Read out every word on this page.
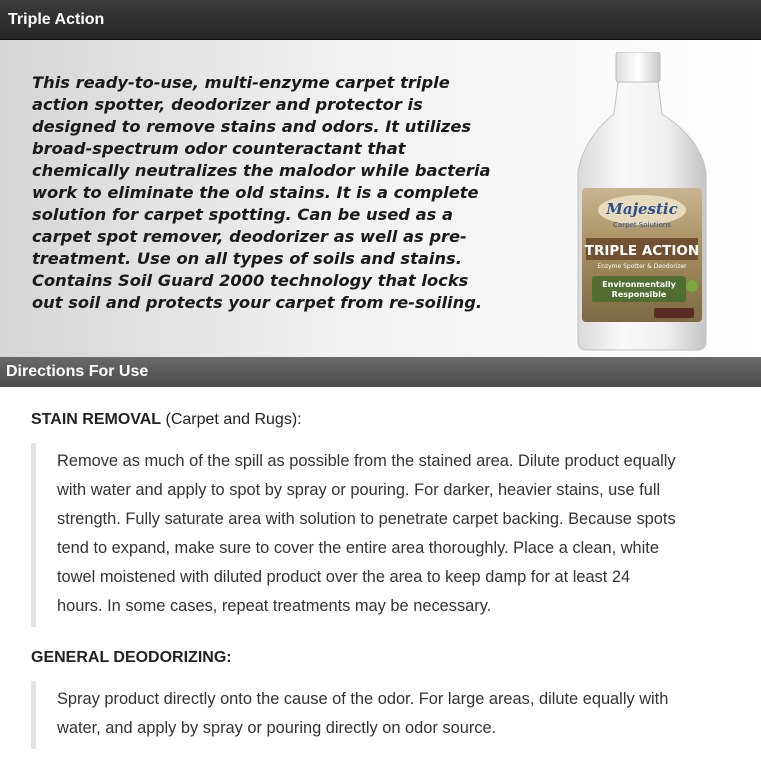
Triple Action

This ready-to-use, multi-enzyme carpet triple
action spotter, deodorizer and protector is
designed to remove stains and odors. It utilizes
broad-spectrum odor counteractant that
chemically neutralizes the malodor while bacteria
work to eliminate the old stains. It is a complete
solution for carpet spotting. Can be used as a
carpet spot remover, deodorizer as well as pre-
treatment. Use on all types of soils and stains.
Contains Soil Guard 2000 technology that locks
out soil and protects your carpet from re-soiling.

Majestic
Carpet Solutions
TRIPLE ACTION
Enzyme Spotter & Deodorizer
Environmentally
Responsible
Directions For Use
STAIN REMOVAL (Carpet and Rugs):
Remove as much of the spill as possible from the stained area. Dilute product equally
with water and apply to spot by spray or pouring. For darker, heavier stains, use full
strength. Fully saturate area with solution to penetrate carpet backing. Because spots
tend to expand, make sure to cover the entire area thoroughly. Place a clean, white
towel moistened with diluted product over the area to keep damp for at least 24
hours. In some cases, repeat treatments may be necessary.
GENERAL DEODORIZING:
Spray product directly onto the cause of the odor. For large areas, dilute equally with
water, and apply by spray or pouring directly on odor source.
